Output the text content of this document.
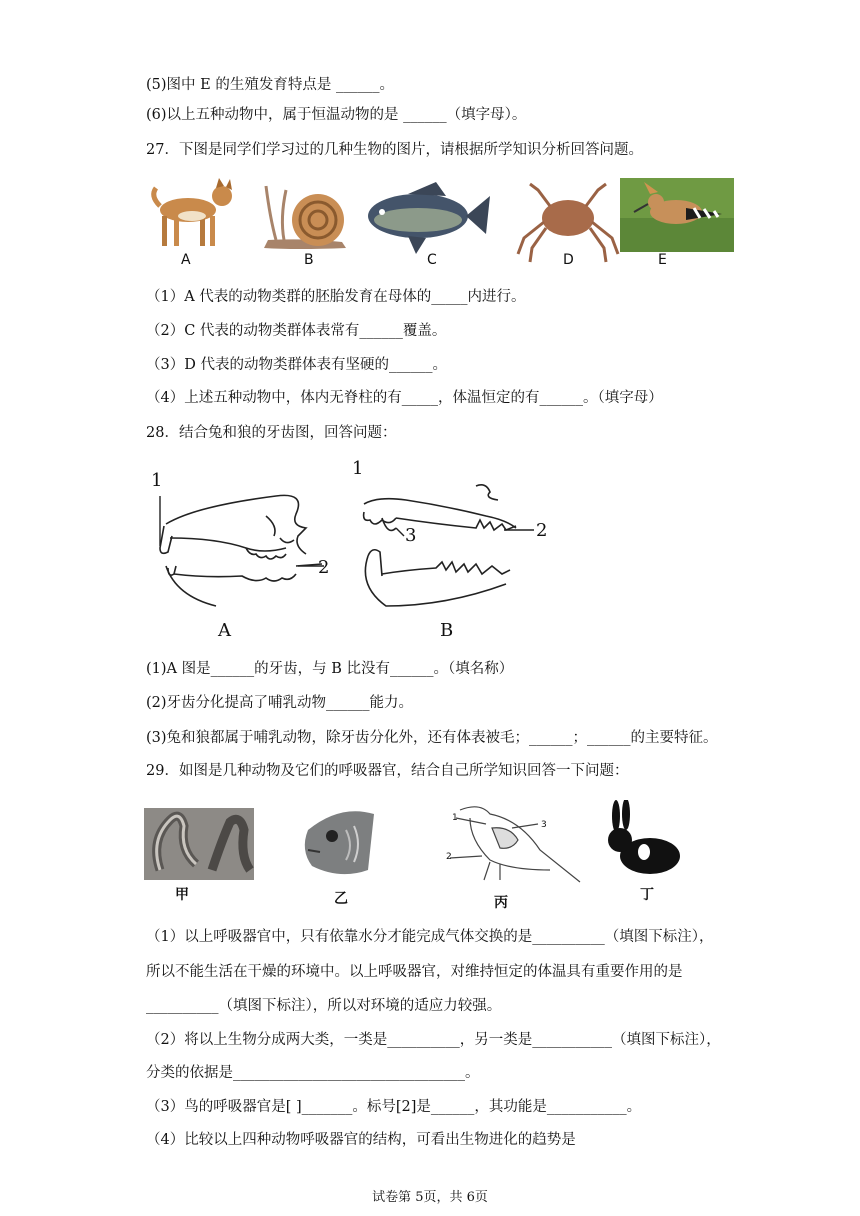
(5)图中 E 的生殖发育特点是 ______。
(6)以上五种动物中，属于恒温动物的是 ______（填字母）。
27．下图是同学们学习过的几种生物的图片，请根据所学知识分析回答问题。
A	B	C	D	E
（1）A 代表的动物类群的胚胎发育在母体的_____内进行。
（2）C 代表的动物类群体表常有______覆盖。
（3）D 代表的动物类群体表有坚硬的______。
（4）上述五种动物中，体内无脊柱的有_____，体温恒定的有______。（填字母）
28．结合兔和狼的牙齿图，回答问题：
1
2
1
3	2
A	B
(1)A 图是______的牙齿，与 B 比没有______。（填名称）
(2)牙齿分化提高了哺乳动物______能力。
(3)兔和狼都属于哺乳动物，除牙齿分化外，还有体表被毛；______；______的主要特征。
29．如图是几种动物及它们的呼吸器官，结合自己所学知识回答一下问题：
1
2
3
甲	乙	丙	丁
（1）以上呼吸器官中，只有依靠水分才能完成气体交换的是__________（填图下标注），
所以不能生活在干燥的环境中。以上呼吸器官，对维持恒定的体温具有重要作用的是
__________（填图下标注），所以对环境的适应力较强。
（2）将以上生物分成两大类，一类是__________，另一类是___________（填图下标注），
分类的依据是________________________________。
（3）鸟的呼吸器官是[ ]_______。标号[2]是______，其功能是___________。
（4）比较以上四种动物呼吸器官的结构，可看出生物进化的趋势是
试卷第 5页，共 6页
